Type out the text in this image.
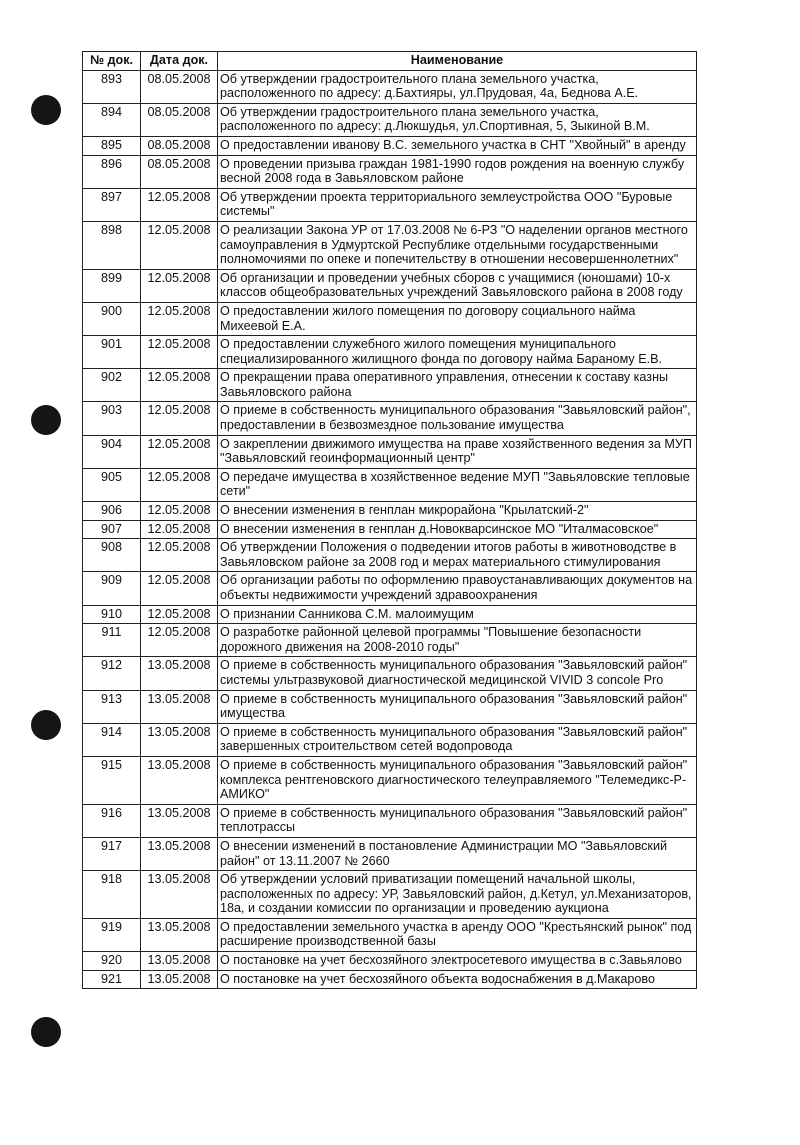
№ док.	Дата док.	Наименование
893	08.05.2008	Об утверждении градостроительного плана земельного участка, расположенного по адресу: д.Бахтияры, ул.Прудовая, 4а, Беднова А.Е.
894	08.05.2008	Об утверждении градостроительного плана земельного участка, расположенного по адресу: д.Люкшудья, ул.Спортивная, 5, Зыкиной В.М.
895	08.05.2008	О предоставлении иванову В.С. земельного участка в СНТ "Хвойный" в аренду
896	08.05.2008	О проведении призыва граждан 1981-1990 годов рождения на военную службу весной 2008 года в Завьяловском районе
897	12.05.2008	Об утверждении проекта территориального землеустройства ООО "Буровые системы"
898	12.05.2008	О реализации Закона УР от 17.03.2008 № 6-РЗ "О наделении органов местного самоуправления в Удмуртской Республике отдельными государственными полномочиями по опеке и попечительству в отношении несовершеннолетних"
899	12.05.2008	Об организации и проведении учебных сборов с учащимися (юношами) 10-х классов общеобразовательных учреждений Завьяловского района в 2008 году
900	12.05.2008	О предоставлении жилого помещения по договору социального найма Михеевой Е.А.
901	12.05.2008	О предоставлении служебного жилого помещения муниципального специализированного жилищного фонда по договору найма Бараному Е.В.
902	12.05.2008	О прекращении права оперативного управления, отнесении к составу казны Завьяловского района
903	12.05.2008	О приеме в собственность муниципального образования "Завьяловский район", предоставлении в безвозмездное пользование имущества
904	12.05.2008	О закреплении движимого имущества на праве хозяйственного ведения за МУП "Завьяловский геоинформационный центр"
905	12.05.2008	О передаче имущества в хозяйственное ведение МУП "Завьяловские тепловые сети"
906	12.05.2008	О внесении изменения в генплан микрорайона "Крылатский-2"
907	12.05.2008	О внесении изменения в генплан д.Новокварсинское МО "Италмасовское"
908	12.05.2008	Об утверждении Положения о подведении итогов работы в животноводстве в Завьяловском районе за 2008 год и мерах материального стимулирования
909	12.05.2008	Об организации работы по оформлению правоустанавливающих документов на объекты недвижимости учреждений здравоохранения
910	12.05.2008	О признании Санникова С.М. малоимущим
911	12.05.2008	О разработке районной целевой программы "Повышение безопасности дорожного движения на 2008-2010 годы"
912	13.05.2008	О приеме в собственность муниципального образования "Завьяловский район" системы ультразвуковой диагностической медицинской VIVID 3 concole Pro
913	13.05.2008	О приеме в собственность муниципального образования "Завьяловский район" имущества
914	13.05.2008	О приеме в собственность муниципального образования "Завьяловский район" завершенных строительством сетей водопровода
915	13.05.2008	О приеме в собственность муниципального образования "Завьяловский район" комплекса рентгеновского диагностического телеуправляемого "Телемедикс-Р-АМИКО"
916	13.05.2008	О приеме в собственность муниципального образования "Завьяловский район" теплотрассы
917	13.05.2008	О внесении изменений в постановление Администрации МО "Завьяловский район" от 13.11.2007 № 2660
918	13.05.2008	Об утверждении условий приватизации помещений начальной школы, расположенных по адресу: УР, Завьяловский район, д.Кетул, ул.Механизаторов, 18а, и создании комиссии по организации и проведению аукциона
919	13.05.2008	О предоставлении земельного участка в аренду ООО "Крестьянский рынок" под расширение производственной базы
920	13.05.2008	О постановке на учет бесхозяйного электросетевого имущества в с.Завьялово
921	13.05.2008	О постановке на учет бесхозяйного объекта водоснабжения в д.Макарово
